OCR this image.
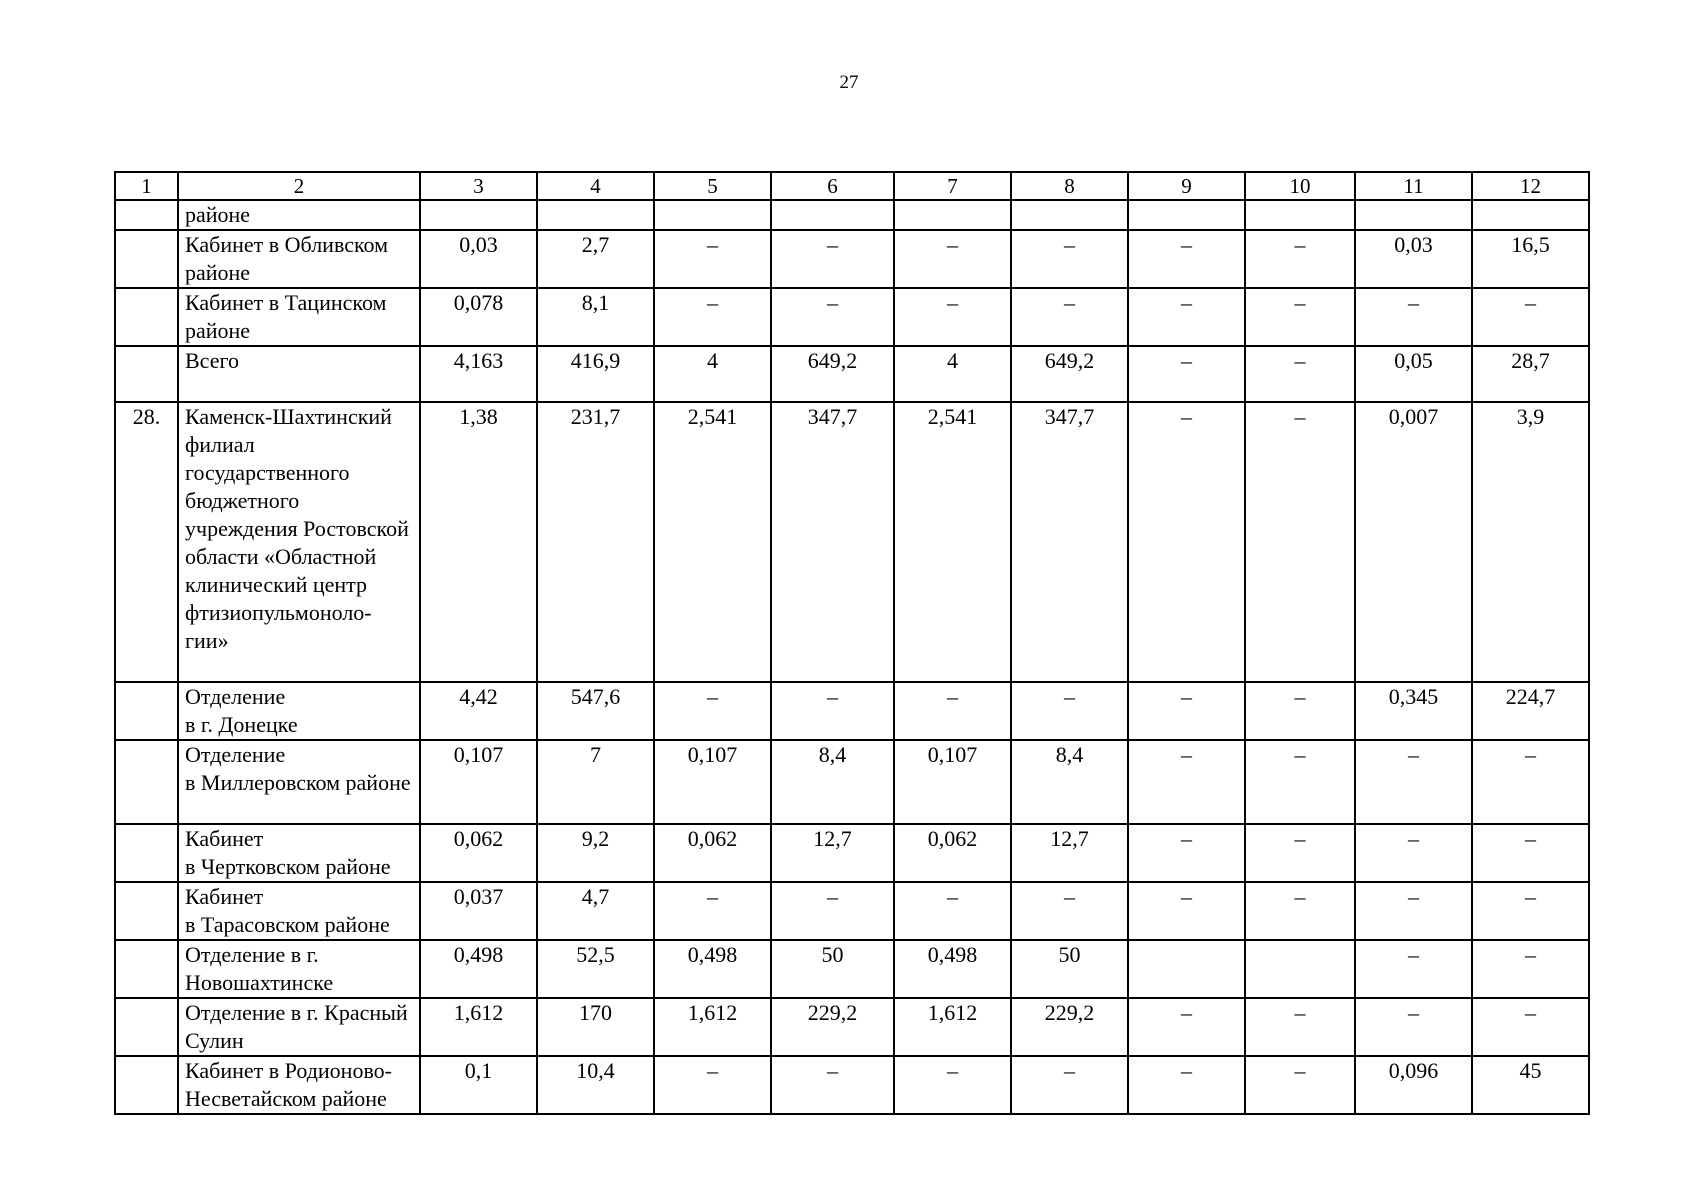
27
1	2	3	4	5	6	7	8	9	10	11	12
	районе										
	Кабинет в Обливском районе	0,03	2,7	–	–	–	–	–	–	0,03	16,5
	Кабинет в Тацинском районе	0,078	8,1	–	–	–	–	–	–	–	–
	Всего	4,163	416,9	4	649,2	4	649,2	–	–	0,05	28,7
28.	Каменск-Шахтинский филиал государственного бюджетного учреждения Ростовской области «Областной клинический центр фтизиопульмоноло-гии»	1,38	231,7	2,541	347,7	2,541	347,7	–	–	0,007	3,9
	Отделение
в г. Донецке	4,42	547,6	–	–	–	–	–	–	0,345	224,7
	Отделение
в Миллеровском районе	0,107	7	0,107	8,4	0,107	8,4	–	–	–	–
	Кабинет
в Чертковском районе	0,062	9,2	0,062	12,7	0,062	12,7	–	–	–	–
	Кабинет
в Тарасовском районе	0,037	4,7	–	–	–	–	–	–	–	–
	Отделение в г. Новошахтинске	0,498	52,5	0,498	50	0,498	50			–	–
	Отделение в г. Красный Сулин	1,612	170	1,612	229,2	1,612	229,2	–	–	–	–
	Кабинет в Родионово-Несветайском районе	0,1	10,4	–	–	–	–	–	–	0,096	45
